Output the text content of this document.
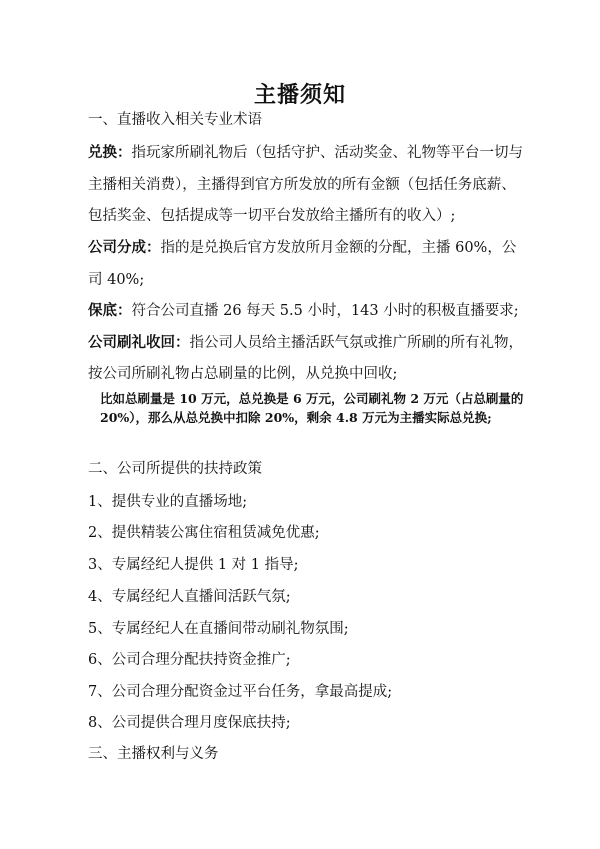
主播须知
一、直播收入相关专业术语
兑换：指玩家所刷礼物后（包括守护、活动奖金、礼物等平台一切与
主播相关消费），主播得到官方所发放的所有金额（包括任务底薪、
包括奖金、包括提成等一切平台发放给主播所有的收入）;
公司分成：指的是兑换后官方发放所月金额的分配，主播 60%，公
司 40%;
保底：符合公司直播 26 每天 5.5 小时，143 小时的积极直播要求;
公司刷礼收回：指公司人员给主播活跃气氛或推广所刷的所有礼物，
按公司所刷礼物占总刷量的比例，从兑换中回收;
比如总刷量是 10 万元，总兑换是 6 万元，公司刷礼物 2 万元（占总刷量的
20%），那么从总兑换中扣除 20%，剩余 4.8 万元为主播实际总兑换;
二、公司所提供的扶持政策
1、提供专业的直播场地;
2、提供精装公寓住宿租赁减免优惠;
3、专属经纪人提供 1 对 1 指导;
4、专属经纪人直播间活跃气氛;
5、专属经纪人在直播间带动刷礼物氛围;
6、公司合理分配扶持资金推广;
7、公司合理分配资金过平台任务，拿最高提成;
8、公司提供合理月度保底扶持;
三、主播权利与义务
